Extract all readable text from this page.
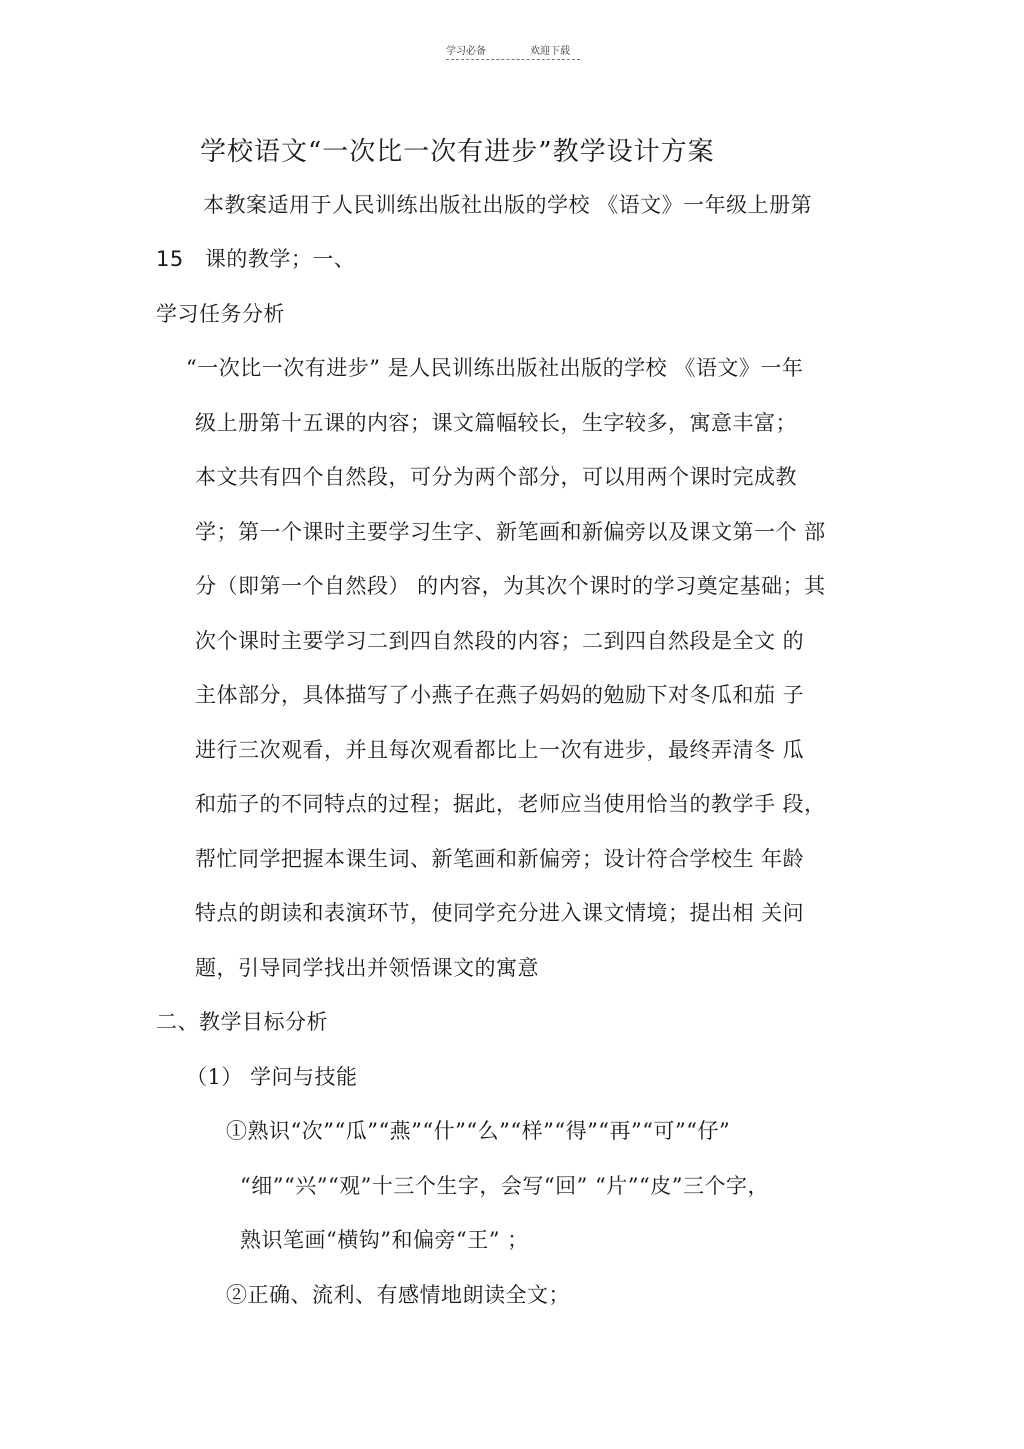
学习必备	欢迎下载
学校语文“一次比一次有进步”教学设计方案
本教案适用于人民训练出版社出版的学校 《语文》一年级上册第
15 课的教学；一、
学习任务分析
“一次比一次有进步” 是人民训练出版社出版的学校 《语文》一年
级上册第十五课的内容；课文篇幅较长，生字较多，寓意丰富；
本文共有四个自然段，可分为两个部分，可以用两个课时完成教
学；第一个课时主要学习生字、新笔画和新偏旁以及课文第一个 部
分（即第一个自然段） 的内容，为其次个课时的学习奠定基础；其
次个课时主要学习二到四自然段的内容；二到四自然段是全文 的
主体部分，具体描写了小燕子在燕子妈妈的勉励下对冬瓜和茄 子
进行三次观看，并且每次观看都比上一次有进步，最终弄清冬 瓜
和茄子的不同特点的过程；据此，老师应当使用恰当的教学手 段，
帮忙同学把握本课生词、新笔画和新偏旁；设计符合学校生 年龄
特点的朗读和表演环节，使同学充分进入课文情境；提出相 关问
题，引导同学找出并领悟课文的寓意
二、教学目标分析
（1） 学问与技能
①熟识“次”“瓜”“燕”“什”“么”“样”“得”“再”“可”“仔”
“细”“兴”“观”十三个生字，会写“回” “片”“皮”三个字，
熟识笔画“横钩”和偏旁“王” ；
②正确、流利、有感情地朗读全文；
